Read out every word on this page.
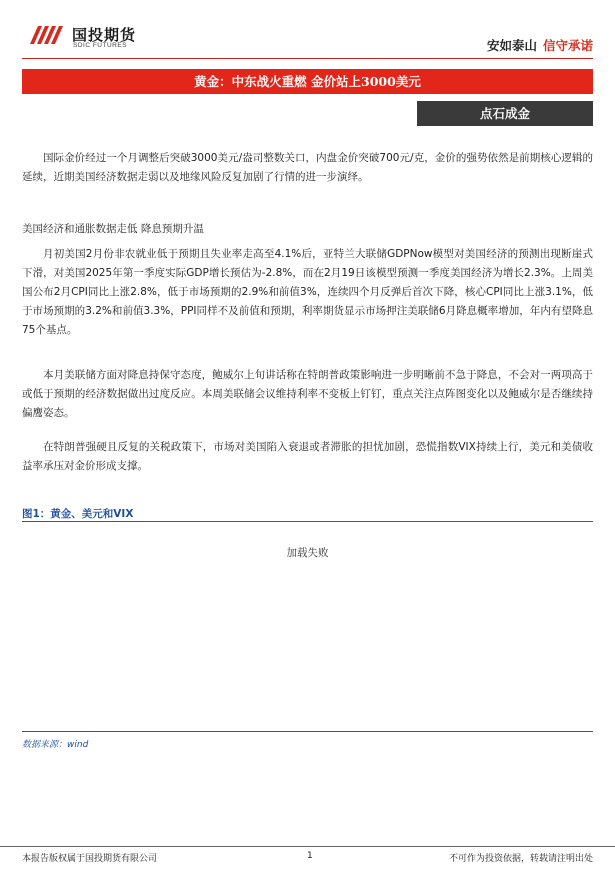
国投期货
SDIC FUTURES	安如泰山 信守承诺
黄金：中东战火重燃 金价站上3000美元
点石成金
国际金价经过一个月调整后突破3000美元/盎司整数关口，内盘金价突破700元/克，金价的强势依然是前期核心逻辑的延续，近期美国经济数据走弱以及地缘风险反复加剧了行情的进一步演绎。
美国经济和通胀数据走低 降息预期升温
月初美国2月份非农就业低于预期且失业率走高至4.1%后，亚特兰大联储GDPNow模型对美国经济的预测出现断崖式下滑，对美国2025年第一季度实际GDP增长预估为-2.8%，而在2月19日该模型预测一季度美国经济为增长2.3%。上周美国公布2月CPI同比上涨2.8%，低于市场预期的2.9%和前值3%，连续四个月反弹后首次下降，核心CPI同比上涨3.1%，低于市场预期的3.2%和前值3.3%，PPI同样不及前值和预期，利率期货显示市场押注美联储6月降息概率增加，年内有望降息75个基点。
本月美联储方面对降息持保守态度，鲍威尔上旬讲话称在特朗普政策影响进一步明晰前不急于降息，不会对一两项高于或低于预期的经济数据做出过度反应。本周美联储会议维持利率不变板上钉钉，重点关注点阵图变化以及鲍威尔是否继续持偏鹰姿态。
在特朗普强硬且反复的关税政策下，市场对美国陷入衰退或者滞胀的担忧加剧，恐慌指数VIX持续上行，美元和美债收益率承压对金价形成支撑。
图1：黄金、美元和VIX
加载失败
数据来源：wind
本报告版权属于国投期货有限公司	1	不可作为投资依据，转载请注明出处
